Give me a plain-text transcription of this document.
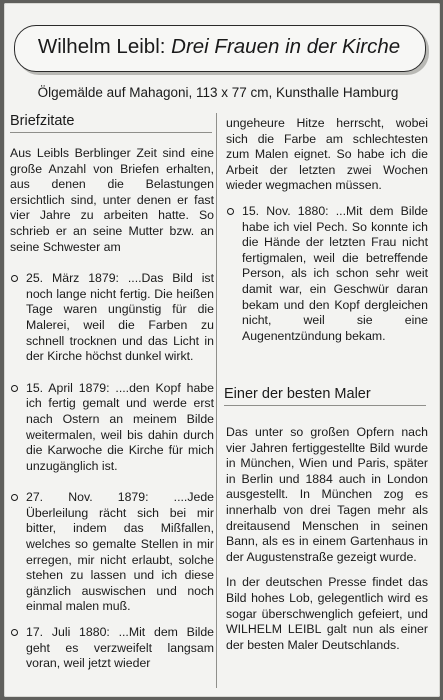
Wilhelm Leibl: Drei Frauen in der Kirche
Ölgemälde auf Mahagoni, 113 x 77 cm, Kunsthalle Hamburg
Briefzitate

Aus Leibls Berblinger Zeit sind eine große Anzahl von Briefen erhalten, aus denen die Belastungen ersichtlich sind, unter denen er fast vier Jahre zu arbeiten hatte. So schrieb er an seine Mutter bzw. an seine Schwester am

25. März 1879: ....Das Bild ist noch lange nicht fertig. Die heißen Tage waren ungünstig für die Malerei, weil die Farben zu schnell trocknen und das Licht in der Kirche höchst dunkel wirkt.
15. April 1879: ....den Kopf habe ich fertig gemalt und werde erst nach Ostern an meinem Bilde weitermalen, weil bis dahin durch die Karwoche die Kirche für mich unzugänglich ist.
27. Nov. 1879: ....Jede Überleilung rächt sich bei mir bitter, indem das Mißfallen, welches so gemalte Stellen in mir erregen, mir nicht erlaubt, solche stehen zu lassen und ich diese gänzlich auswischen und noch einmal malen muß.
17. Juli 1880: ...Mit dem Bilde geht es verzweifelt langsam voran, weil jetzt wieder

ungeheure Hitze herrscht, wobei sich die Farbe am schlechtesten zum Malen eignet. So habe ich die Arbeit der letzten zwei Wochen wieder wegmachen müssen.

15. Nov. 1880: ...Mit dem Bilde habe ich viel Pech. So konnte ich die Hände der letzten Frau nicht fertigmalen, weil die betreffende Person, als ich schon sehr weit damit war, ein Geschwür daran bekam und den Kopf dergleichen nicht, weil sie eine Augenentzündung bekam.
Einer der besten Maler

Das unter so großen Opfern nach vier Jahren fertiggestellte Bild wurde in München, Wien und Paris, später in Berlin und 1884 auch in London ausgestellt. In München zog es innerhalb von drei Tagen mehr als dreitausend Menschen in seinen Bann, als es in einem Gartenhaus in der Augustenstraße gezeigt wurde.

In der deutschen Presse findet das Bild hohes Lob, gelegentlich wird es sogar überschwenglich gefeiert, und WILHELM LEIBL galt nun als einer der besten Maler Deutschlands.
